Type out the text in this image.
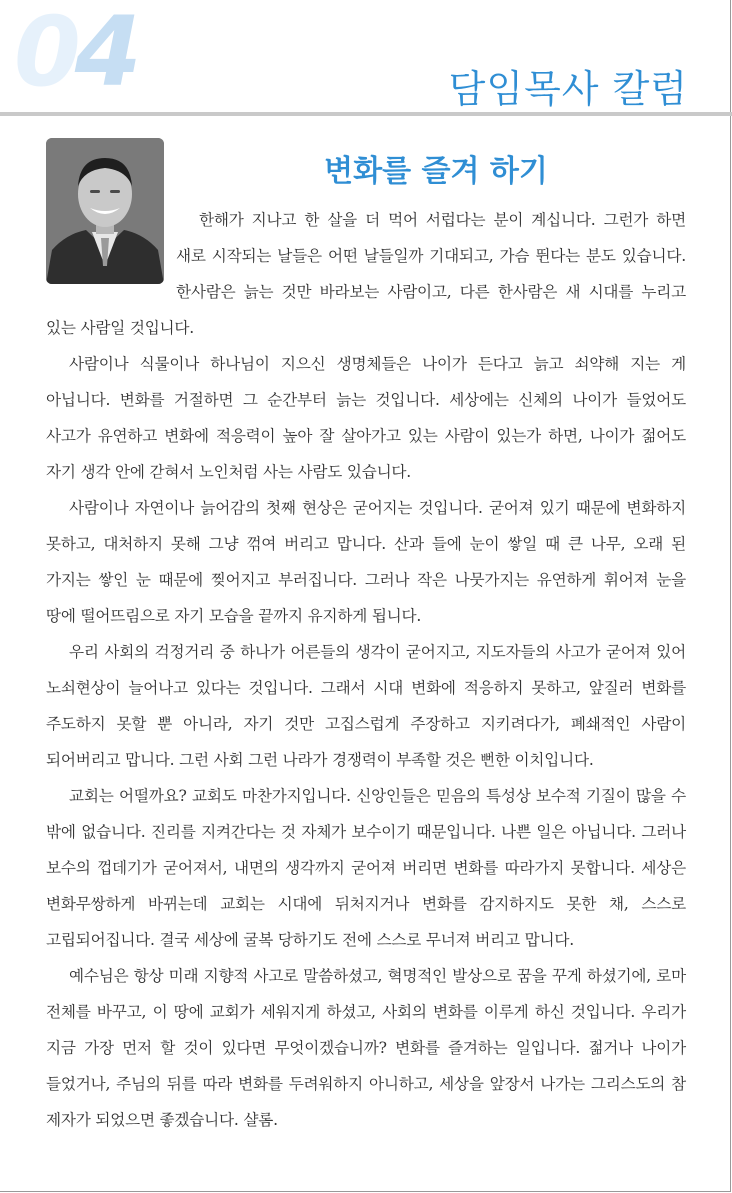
04	담임목사 칼럼
변화를 즐겨 하기

한해가 지나고 한 살을 더 먹어 서럽다는 분이 계십니다. 그런가 하면 새로 시작되는 날들은 어떤 날들일까 기대되고, 가슴 뛴다는 분도 있습니다. 한사람은 늙는 것만 바라보는 사람이고, 다른 한사람은 새 시대를 누리고 있는 사람일 것입니다.

사람이나 식물이나 하나님이 지으신 생명체들은 나이가 든다고 늙고 쇠약해 지는 게 아닙니다. 변화를 거절하면 그 순간부터 늙는 것입니다. 세상에는 신체의 나이가 들었어도 사고가 유연하고 변화에 적응력이 높아 잘 살아가고 있는 사람이 있는가 하면, 나이가 젊어도 자기 생각 안에 갇혀서 노인처럼 사는 사람도 있습니다.

사람이나 자연이나 늙어감의 첫째 현상은 굳어지는 것입니다. 굳어져 있기 때문에 변화하지 못하고, 대처하지 못해 그냥 꺾여 버리고 맙니다. 산과 들에 눈이 쌓일 때 큰 나무, 오래 된 가지는 쌓인 눈 때문에 찢어지고 부러집니다. 그러나 작은 나뭇가지는 유연하게 휘어져 눈을 땅에 떨어뜨림으로 자기 모습을 끝까지 유지하게 됩니다.

우리 사회의 걱정거리 중 하나가 어른들의 생각이 굳어지고, 지도자들의 사고가 굳어져 있어 노쇠현상이 늘어나고 있다는 것입니다. 그래서 시대 변화에 적응하지 못하고, 앞질러 변화를 주도하지 못할 뿐 아니라, 자기 것만 고집스럽게 주장하고 지키려다가, 폐쇄적인 사람이 되어버리고 맙니다. 그런 사회 그런 나라가 경쟁력이 부족할 것은 뻔한 이치입니다.

교회는 어떨까요? 교회도 마찬가지입니다. 신앙인들은 믿음의 특성상 보수적 기질이 많을 수 밖에 없습니다. 진리를 지켜간다는 것 자체가 보수이기 때문입니다. 나쁜 일은 아닙니다. 그러나 보수의 껍데기가 굳어져서, 내면의 생각까지 굳어져 버리면 변화를 따라가지 못합니다. 세상은 변화무쌍하게 바뀌는데 교회는 시대에 뒤처지거나 변화를 감지하지도 못한 채, 스스로 고립되어집니다. 결국 세상에 굴복 당하기도 전에 스스로 무너져 버리고 맙니다.

예수님은 항상 미래 지향적 사고로 말씀하셨고, 혁명적인 발상으로 꿈을 꾸게 하셨기에, 로마 전체를 바꾸고, 이 땅에 교회가 세워지게 하셨고, 사회의 변화를 이루게 하신 것입니다. 우리가 지금 가장 먼저 할 것이 있다면 무엇이겠습니까? 변화를 즐겨하는 일입니다. 젊거나 나이가 들었거나, 주님의 뒤를 따라 변화를 두려워하지 아니하고, 세상을 앞장서 나가는 그리스도의 참 제자가 되었으면 좋겠습니다. 샬롬.
